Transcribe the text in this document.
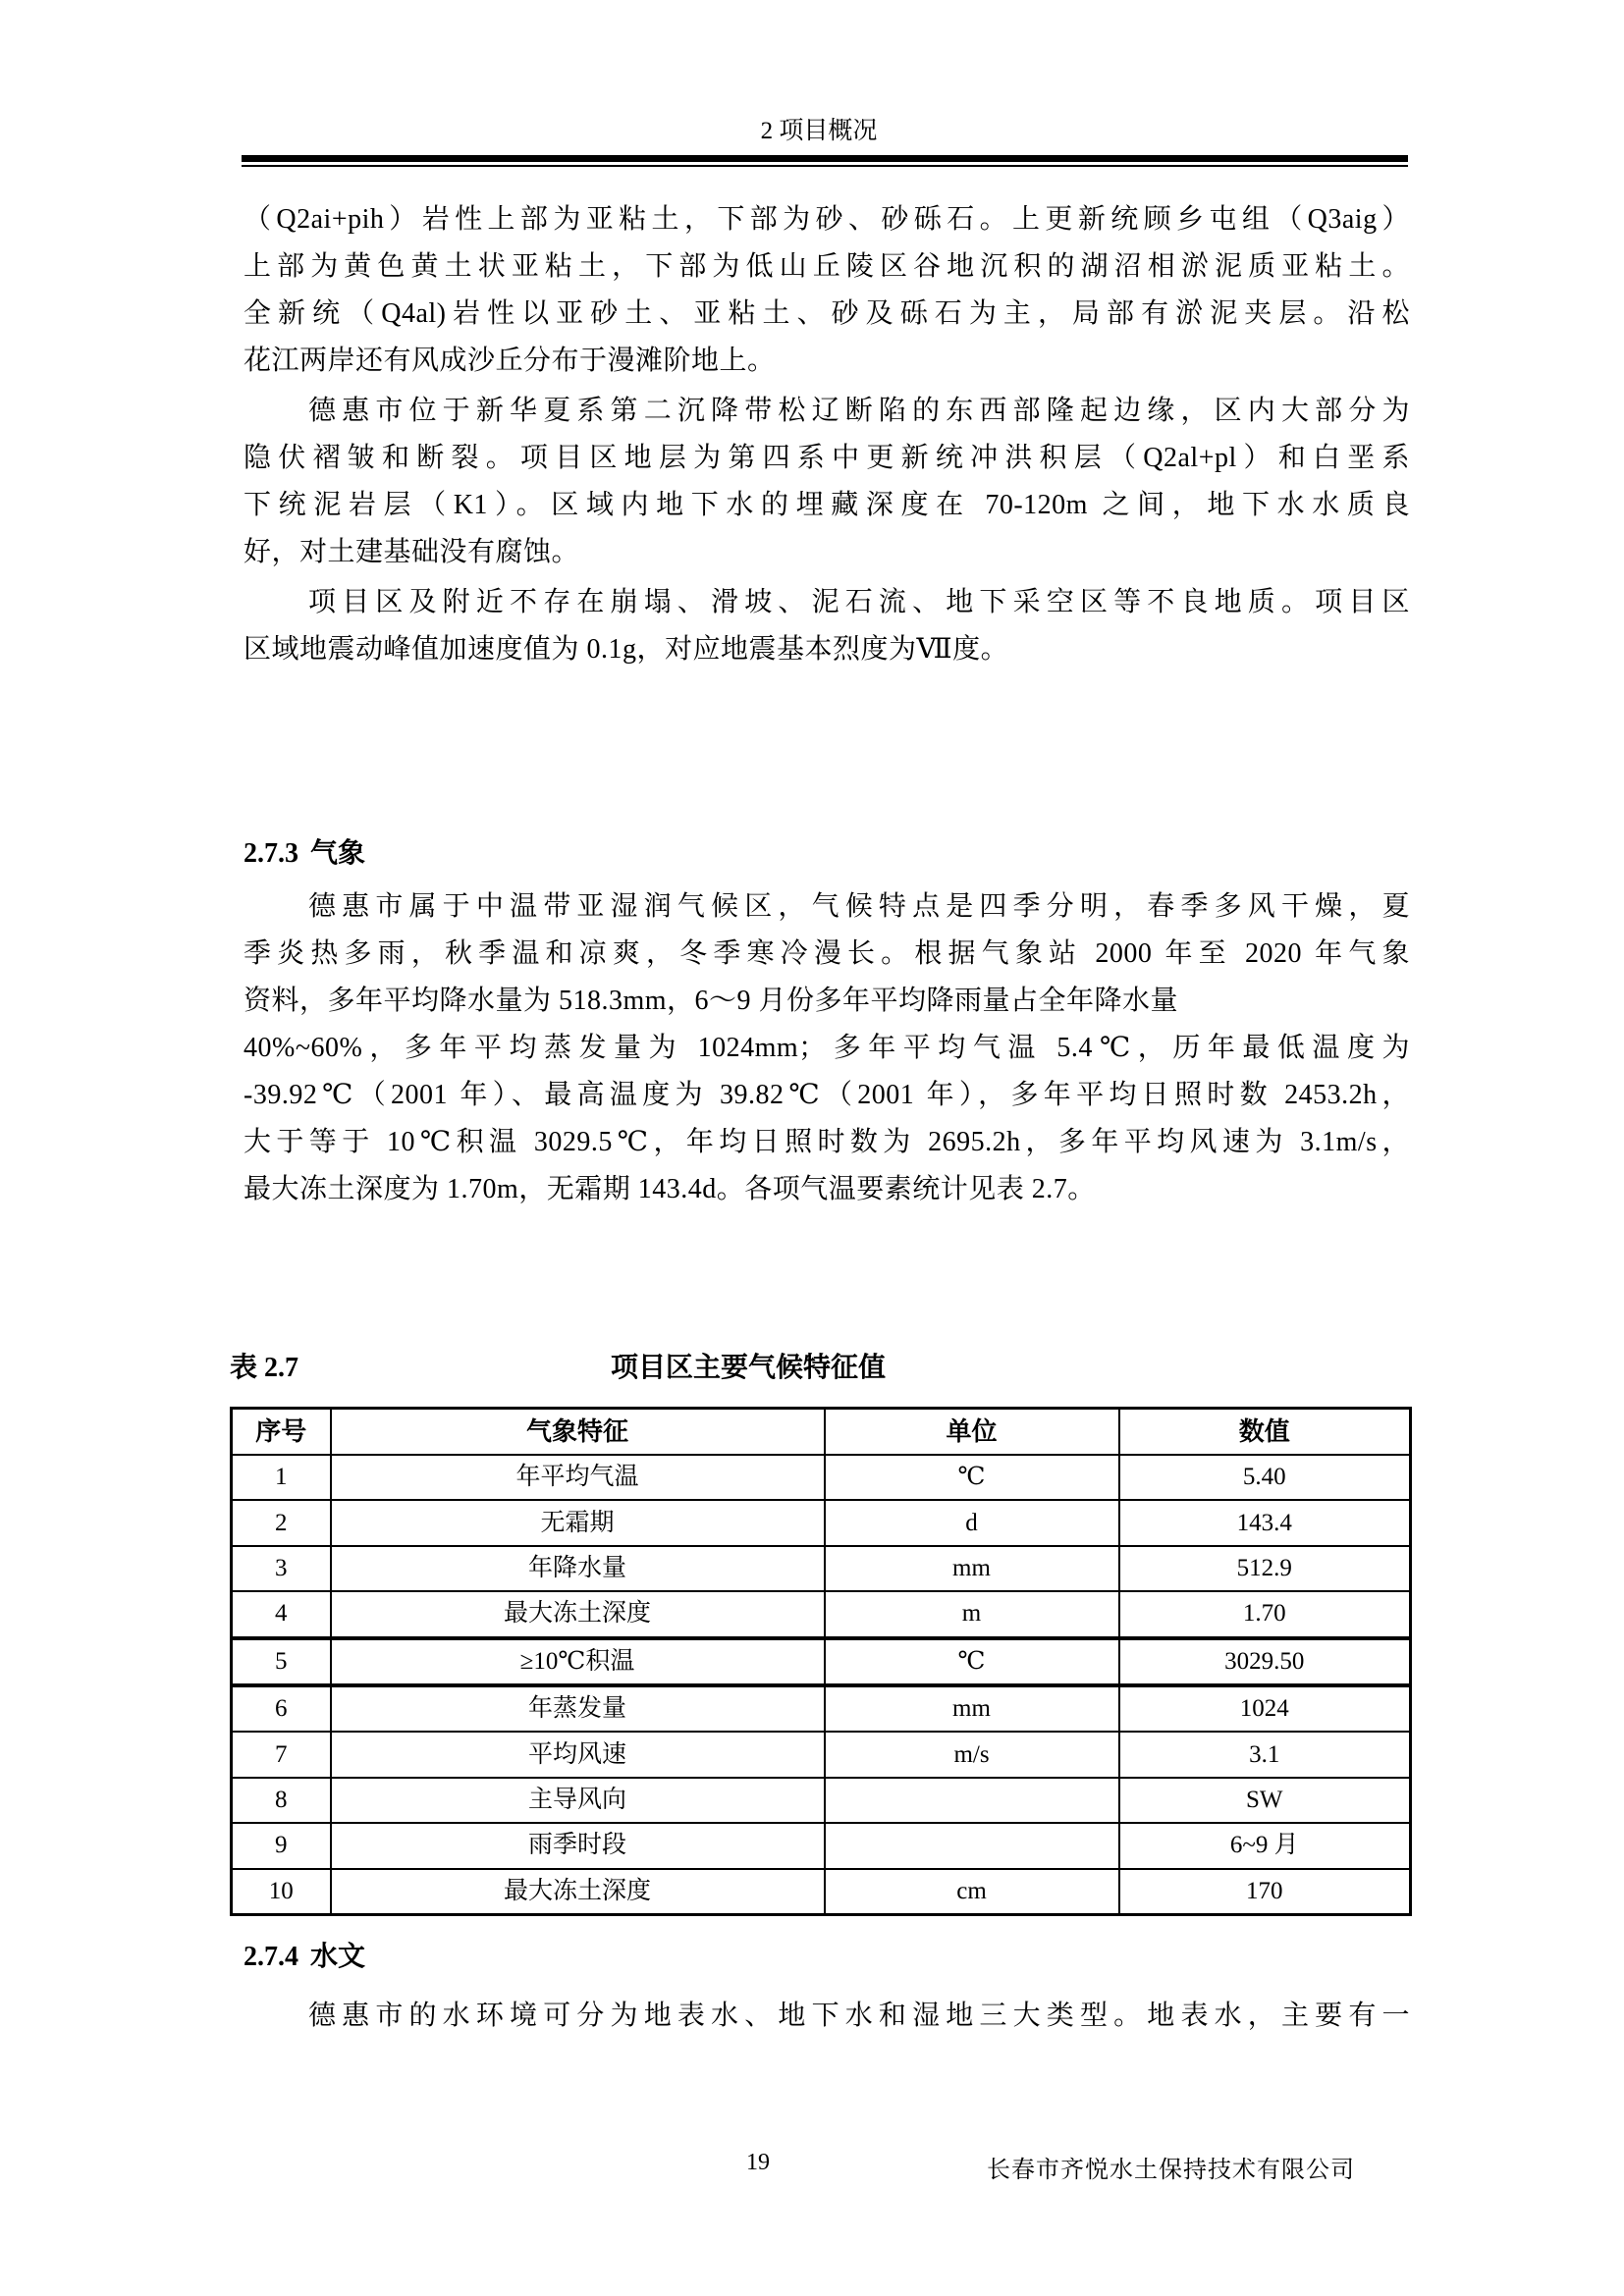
2 项目概况
（Q2ai+pih）岩性上部为亚粘土，下部为砂、砂砾石。上更新统顾乡屯组（Q3aig）
上部为黄色黄土状亚粘土，下部为低山丘陵区谷地沉积的湖沼相淤泥质亚粘土。
全新统（Q4al)岩性以亚砂土、亚粘土、砂及砾石为主，局部有淤泥夹层。沿松
花江两岸还有风成沙丘分布于漫滩阶地上。
德惠市位于新华夏系第二沉降带松辽断陷的东西部隆起边缘，区内大部分为
隐伏褶皱和断裂。项目区地层为第四系中更新统冲洪积层（Q2al+pl）和白垩系
下统泥岩层（K1）。区域内地下水的埋藏深度在 70-120m 之间，地下水水质良
好，对土建基础没有腐蚀。
项目区及附近不存在崩塌、滑坡、泥石流、地下采空区等不良地质。项目区
区域地震动峰值加速度值为 0.1g，对应地震基本烈度为Ⅶ度。
2.7.3 气象
德惠市属于中温带亚湿润气候区，气候特点是四季分明，春季多风干燥，夏
季炎热多雨，秋季温和凉爽，冬季寒冷漫长。根据气象站 2000 年至 2020 年气象
资料，多年平均降水量为 518.3mm，6～9 月份多年平均降雨量占全年降水量
40%~60%，多年平均蒸发量为 1024mm；多年平均气温 5.4℃，历年最低温度为
-39.92℃（2001 年）、最高温度为 39.82℃（2001 年），多年平均日照时数 2453.2h，
大于等于 10℃积温 3029.5℃，年均日照时数为 2695.2h，多年平均风速为 3.1m/s，
最大冻土深度为 1.70m，无霜期 143.4d。各项气温要素统计见表 2.7。
表 2.7	项目区主要气候特征值
序号	气象特征	单位	数值
1	年平均气温	℃	5.40
2	无霜期	d	143.4
3	年降水量	mm	512.9
4	最大冻土深度	m	1.70
5	≥10℃积温	℃	3029.50
6	年蒸发量	mm	1024
7	平均风速	m/s	3.1
8	主导风向		SW
9	雨季时段		6~9 月
10	最大冻土深度	cm	170
2.7.4 水文
德惠市的水环境可分为地表水、地下水和湿地三大类型。地表水，主要有一
19	长春市齐悦水土保持技术有限公司
